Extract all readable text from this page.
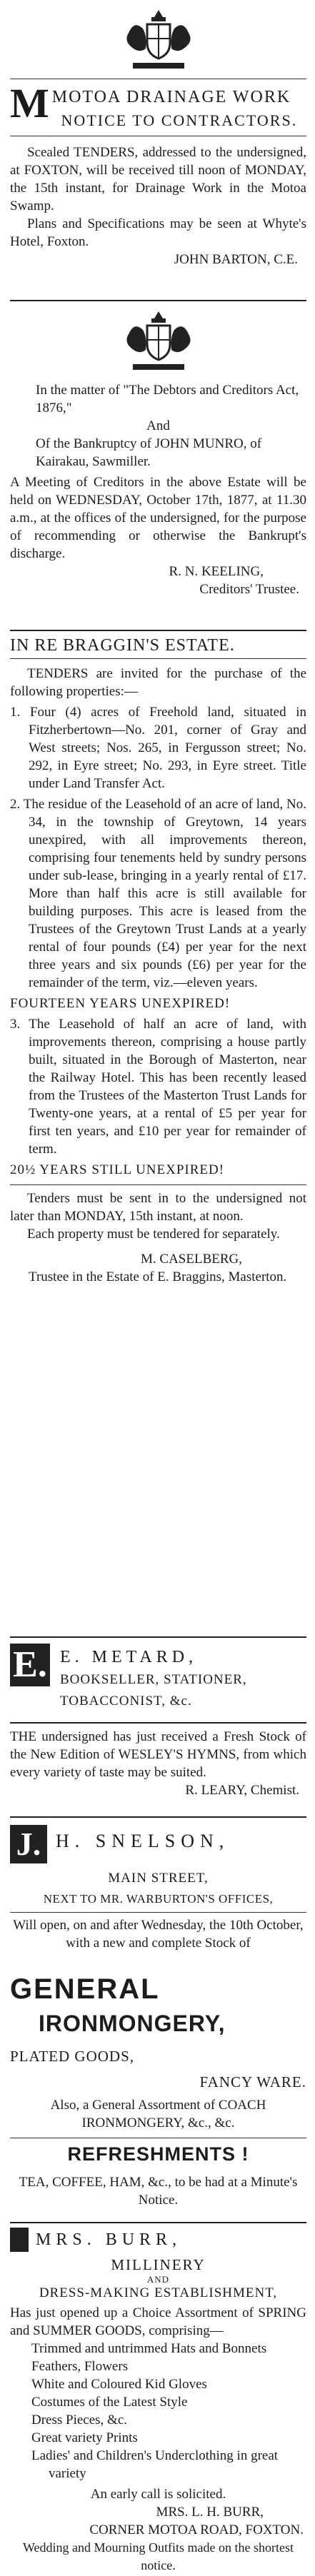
M MOTOA DRAINAGE WORK
NOTICE TO CONTRACTORS.
Scealed TENDERS, addressed to the undersigned, at FOXTON, will be received till noon of MONDAY, the 15th instant, for Drainage Work in the Motoa Swamp.
Plans and Specifications may be seen at Whyte's Hotel, Foxton.
JOHN BARTON, C.E.
In the matter of "The Debtors and Creditors Act, 1876,"
And
Of the Bankruptcy of JOHN MUNRO, of Kairakau, Sawmiller.
A Meeting of Creditors in the above Estate will be held on WEDNESDAY, October 17th, 1877, at 11.30 a.m., at the offices of the undersigned, for the purpose of recommending or otherwise the Bankrupt's discharge.
R. N. KEELING,
Creditors' Trustee.
IN RE BRAGGIN'S ESTATE.
TENDERS are invited for the purchase of the following properties:—
1. Four (4) acres of Freehold land, situated in Fitzherbertown—No. 201, corner of Gray and West streets; Nos. 265, in Fergusson street; No. 292, in Eyre street; No. 293, in Eyre street. Title under Land Transfer Act.
2. The residue of the Leasehold of an acre of land, No. 34, in the township of Greytown, 14 years unexpired, with all improvements thereon, comprising four tenements held by sundry persons under sub-lease, bringing in a yearly rental of £17. More than half this acre is still available for building purposes. This acre is leased from the Trustees of the Greytown Trust Lands at a yearly rental of four pounds (£4) per year for the next three years and six pounds (£6) per year for the remainder of the term, viz.—eleven years.
FOURTEEN YEARS UNEXPIRED!
3. The Leasehold of half an acre of land, with improvements thereon, comprising a house partly built, situated in the Borough of Masterton, near the Railway Hotel. This has been recently leased from the Trustees of the Masterton Trust Lands for Twenty-one years, at a rental of £5 per year for first ten years, and £10 per year for remainder of term.
20½ YEARS STILL UNEXPIRED!
Tenders must be sent in to the undersigned not later than MONDAY, 15th instant, at noon.
Each property must be tendered for separately.
M. CASELBERG,
Trustee in the Estate of E. Braggins, Masterton.
E. E. METARD,
BOOKSELLER, STATIONER,
TOBACCONIST, &c.
THE undersigned has just received a Fresh Stock of the New Edition of WESLEY'S HYMNS, from which every variety of taste may be suited.
R. LEARY, Chemist.
J. H. SNELSON,
MAIN STREET,
NEXT TO MR. WARBURTON'S OFFICES,
Will open, on and after Wednesday, the 10th October, with a new and complete Stock of
GENERAL
IRONMONGERY,
PLATED GOODS,
FANCY WARE.
Also, a General Assortment of COACH IRONMONGERY, &c., &c.
REFRESHMENTS !
TEA, COFFEE, HAM, &c., to be had at a Minute's Notice.
MRS. BURR,
MILLINERY
AND
DRESS-MAKING ESTABLISHMENT,
Has just opened up a Choice Assortment of SPRING and SUMMER GOODS, comprising—
Trimmed and untrimmed Hats and Bonnets
Feathers, Flowers
White and Coloured Kid Gloves
Costumes of the Latest Style
Dress Pieces, &c.
Great variety Prints
Ladies' and Children's Underclothing in great variety
An early call is solicited.
MRS. L. H. BURR,
CORNER MOTOA ROAD, FOXTON.
Wedding and Mourning Outfits made on the shortest notice.
